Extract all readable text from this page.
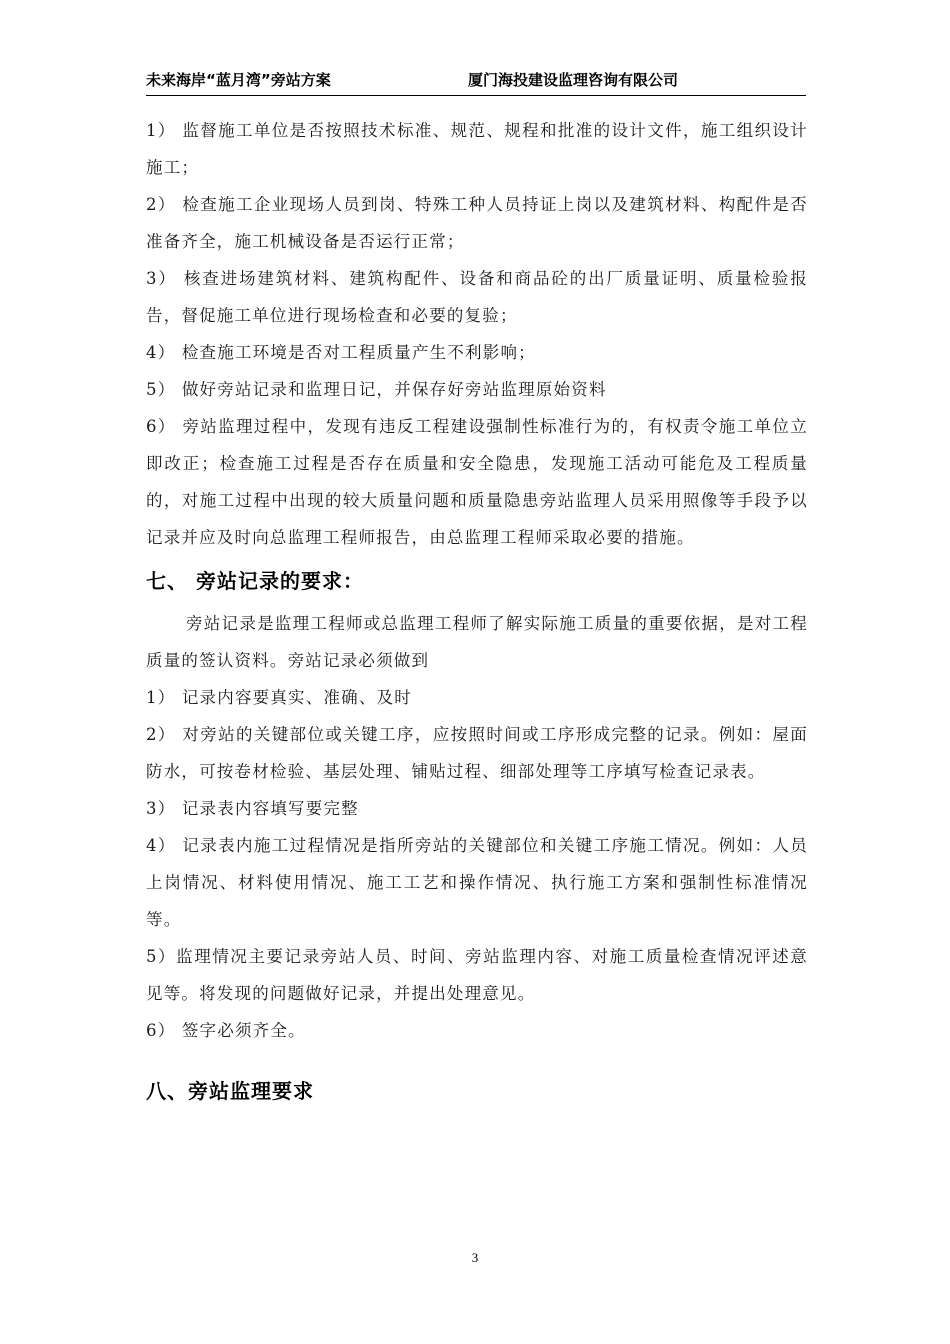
未来海岸“蓝月湾”旁站方案	厦门海投建设监理咨询有限公司

1） 监督施工单位是否按照技术标准、规范、规程和批准的设计文件，施工组织设计施工；

2） 检查施工企业现场人员到岗、特殊工种人员持证上岗以及建筑材料、构配件是否准备齐全，施工机械设备是否运行正常；

3） 核查进场建筑材料、建筑构配件、设备和商品砼的出厂质量证明、质量检验报告，督促施工单位进行现场检查和必要的复验；

4） 检查施工环境是否对工程质量产生不利影响；

5） 做好旁站记录和监理日记，并保存好旁站监理原始资料

6） 旁站监理过程中，发现有违反工程建设强制性标准行为的，有权责令施工单位立即改正；检查施工过程是否存在质量和安全隐患，发现施工活动可能危及工程质量的，对施工过程中出现的较大质量问题和质量隐患旁站监理人员采用照像等手段予以记录并应及时向总监理工程师报告，由总监理工程师采取必要的措施。

七、 旁站记录的要求：

旁站记录是监理工程师或总监理工程师了解实际施工质量的重要依据，是对工程质量的签认资料。旁站记录必须做到

1） 记录内容要真实、准确、及时

2） 对旁站的关键部位或关键工序，应按照时间或工序形成完整的记录。例如：屋面防水，可按卷材检验、基层处理、铺贴过程、细部处理等工序填写检查记录表。

3） 记录表内容填写要完整

4） 记录表内施工过程情况是指所旁站的关键部位和关键工序施工情况。例如：人员上岗情况、材料使用情况、施工工艺和操作情况、执行施工方案和强制性标准情况等。

5）监理情况主要记录旁站人员、时间、旁站监理内容、对施工质量检查情况评述意见等。将发现的问题做好记录，并提出处理意见。

6） 签字必须齐全。

八、旁站监理要求
3
